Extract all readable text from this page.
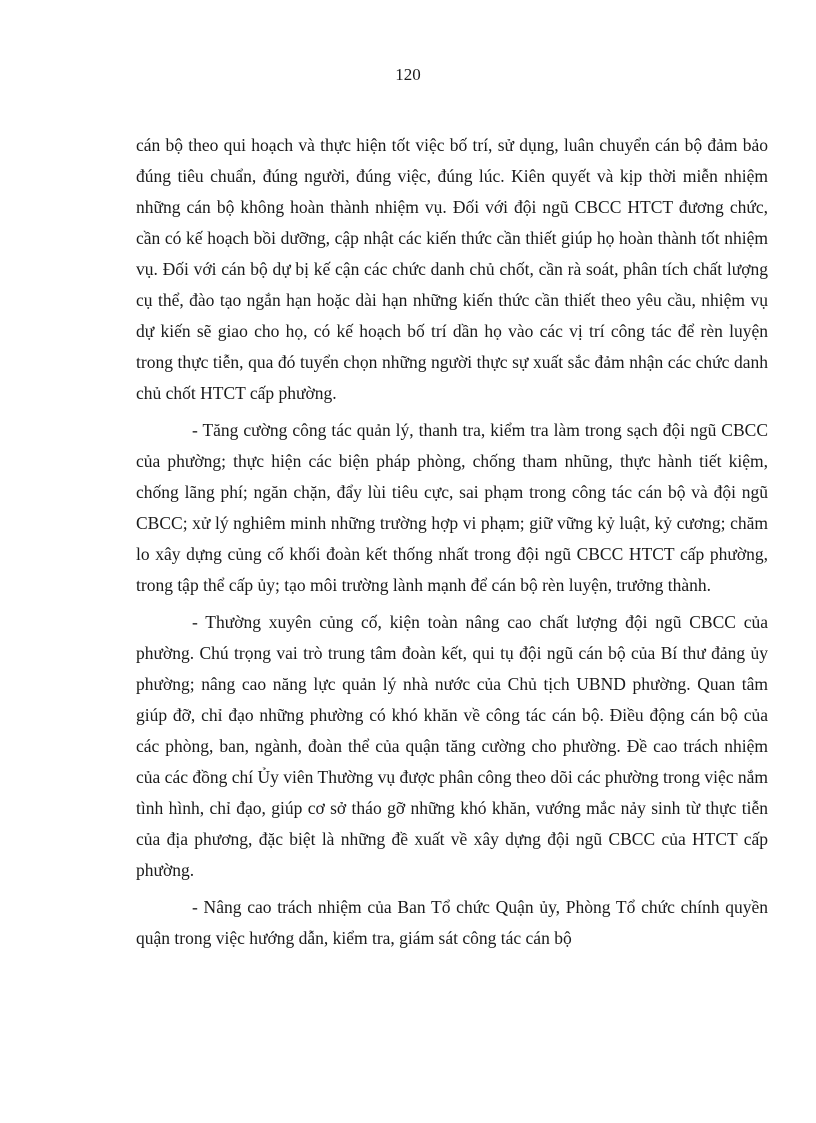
120

cán bộ theo qui hoạch và thực hiện tốt việc bố trí, sử dụng, luân chuyển cán bộ đảm bảo đúng tiêu chuẩn, đúng người, đúng việc, đúng lúc. Kiên quyết và kịp thời miễn nhiệm những cán bộ không hoàn thành nhiệm vụ. Đối với đội ngũ CBCC HTCT đương chức, cần có kế hoạch bồi dưỡng, cập nhật các kiến thức cần thiết giúp họ hoàn thành tốt nhiệm vụ. Đối với cán bộ dự bị kế cận các chức danh chủ chốt, cần rà soát, phân tích chất lượng cụ thể, đào tạo ngắn hạn hoặc dài hạn những kiến thức cần thiết theo yêu cầu, nhiệm vụ dự kiến sẽ giao cho họ, có kế hoạch bố trí dần họ vào các vị trí công tác để rèn luyện trong thực tiễn, qua đó tuyển chọn những người thực sự xuất sắc đảm nhận các chức danh chủ chốt HTCT cấp phường.

- Tăng cường công tác quản lý, thanh tra, kiểm tra làm trong sạch đội ngũ CBCC của phường; thực hiện các biện pháp phòng, chống tham nhũng, thực hành tiết kiệm, chống lãng phí; ngăn chặn, đẩy lùi tiêu cực, sai phạm trong công tác cán bộ và đội ngũ CBCC; xử lý nghiêm minh những trường hợp vi phạm; giữ vững kỷ luật, kỷ cương; chăm lo xây dựng củng cố khối đoàn kết thống nhất trong đội ngũ CBCC HTCT cấp phường, trong tập thể cấp ủy; tạo môi trường lành mạnh để cán bộ rèn luyện, trưởng thành.

- Thường xuyên củng cố, kiện toàn nâng cao chất lượng đội ngũ CBCC của phường. Chú trọng vai trò trung tâm đoàn kết, qui tụ đội ngũ cán bộ của Bí thư đảng ủy phường; nâng cao năng lực quản lý nhà nước của Chủ tịch UBND phường. Quan tâm giúp đỡ, chỉ đạo những phường có khó khăn về công tác cán bộ. Điều động cán bộ của các phòng, ban, ngành, đoàn thể của quận tăng cường cho phường. Đề cao trách nhiệm của các đồng chí Ủy viên Thường vụ được phân công theo dõi các phường trong việc nắm tình hình, chỉ đạo, giúp cơ sở tháo gỡ những khó khăn, vướng mắc nảy sinh từ thực tiễn của địa phương, đặc biệt là những đề xuất về xây dựng đội ngũ CBCC của HTCT cấp phường.

- Nâng cao trách nhiệm của Ban Tổ chức Quận ủy, Phòng Tổ chức chính quyền quận trong việc hướng dẫn, kiểm tra, giám sát công tác cán bộ
